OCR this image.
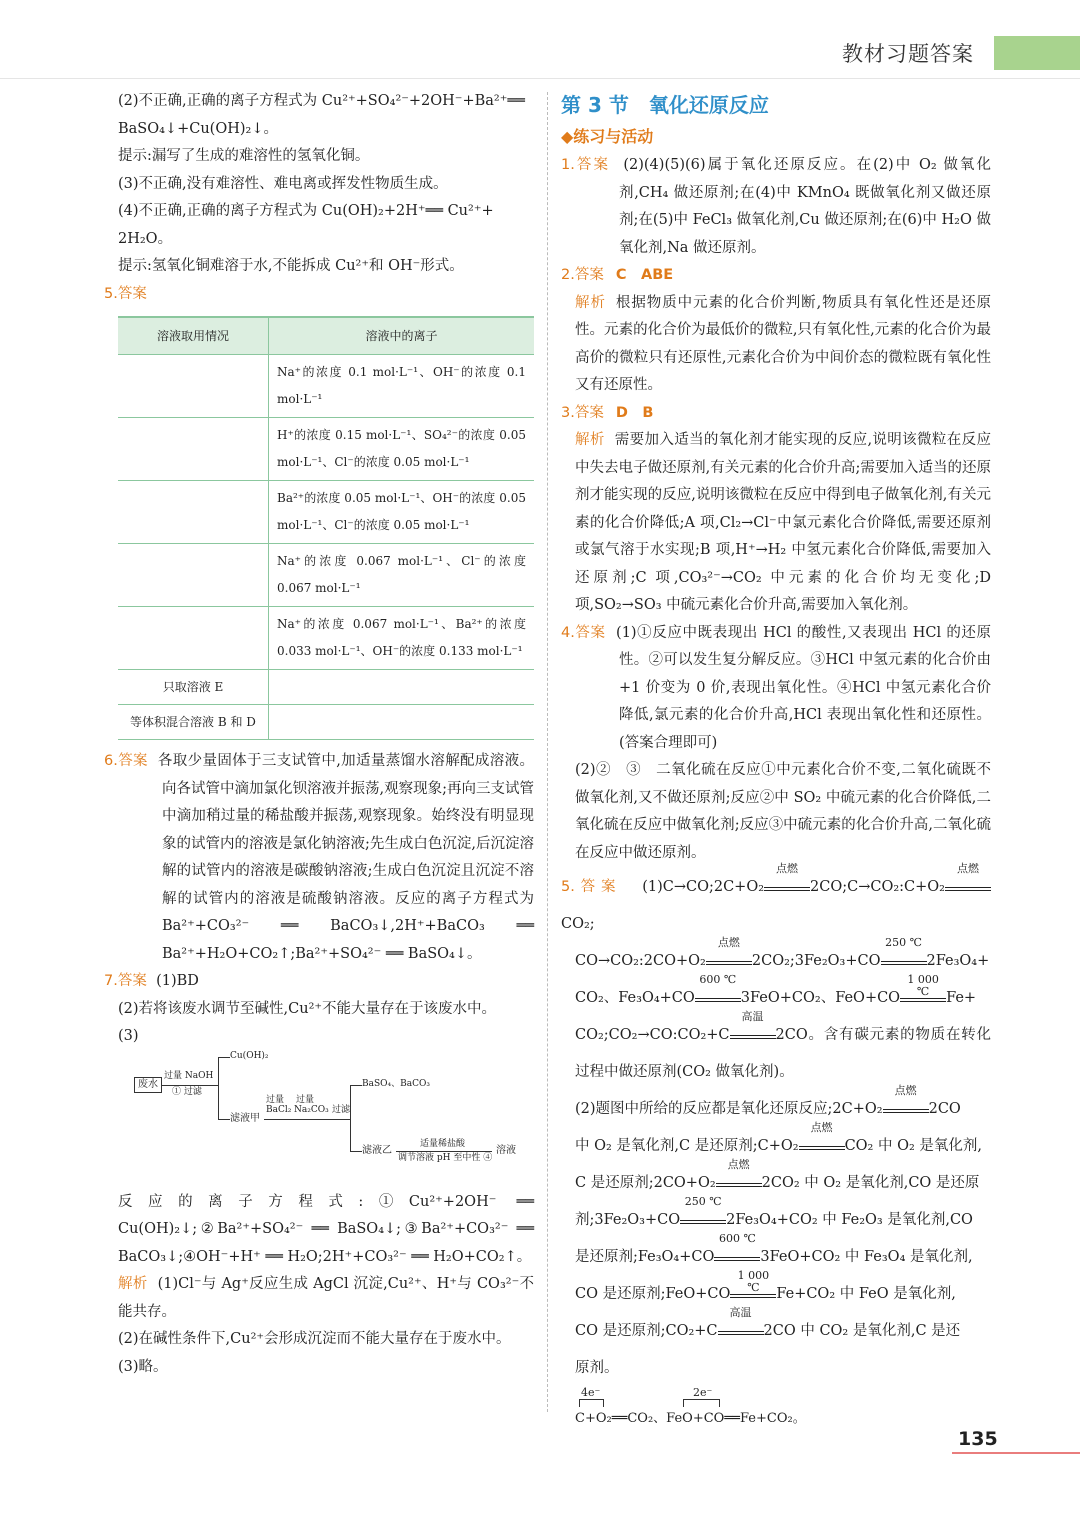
教材习题答案

(2)不正确,正确的离子方程式为 Cu²⁺+SO₄²⁻+2OH⁻+Ba²⁺══

BaSO₄↓+Cu(OH)₂↓。

提示:漏写了生成的难溶性的氢氧化铜。

(3)不正确,没有难溶性、难电离或挥发性物质生成。

(4)不正确,正确的离子方程式为 Cu(OH)₂+2H⁺══ Cu²⁺+

2H₂O。

提示:氢氧化铜难溶于水,不能拆成 Cu²⁺和 OH⁻形式。

5.答案

溶液取用情况	溶液中的离子
	Na⁺的浓度 0.1 mol·L⁻¹、OH⁻的浓度 0.1 mol·L⁻¹
	H⁺的浓度 0.15 mol·L⁻¹、SO₄²⁻的浓度 0.05 mol·L⁻¹、Cl⁻的浓度 0.05 mol·L⁻¹
	Ba²⁺的浓度 0.05 mol·L⁻¹、OH⁻的浓度 0.05 mol·L⁻¹、Cl⁻的浓度 0.05 mol·L⁻¹
	Na⁺的浓度 0.067 mol·L⁻¹、Cl⁻的浓度 0.067 mol·L⁻¹
	Na⁺的浓度 0.067 mol·L⁻¹、Ba²⁺的浓度 0.033 mol·L⁻¹、OH⁻的浓度 0.133 mol·L⁻¹
只取溶液 E	
等体积混合溶液 B 和 D	

6.答案 各取少量固体于三支试管中,加适量蒸馏水溶解配成溶液。向各试管中滴加氯化钡溶液并振荡,观察现象;再向三支试管中滴加稍过量的稀盐酸并振荡,观察现象。始终没有明显现象的试管内的溶液是氯化钠溶液;先生成白色沉淀,后沉淀溶解的试管内的溶液是碳酸钠溶液;生成白色沉淀且沉淀不溶解的试管内的溶液是硫酸钠溶液。反应的离子方程式为 Ba²⁺+CO₃²⁻ ══ BaCO₃↓,2H⁺+BaCO₃ ══ Ba²⁺+H₂O+CO₂↑;Ba²⁺+SO₄²⁻ ══ BaSO₄↓。

7.答案 (1)BD

(2)若将该废水调节至碱性,Cu²⁺不能大量存在于该废水中。

(3)

废水
过量 NaOH
① 过滤
Cu(OH)₂
滤液甲
过量
BaCl₂
过量
Na₂CO₃ 过滤
BaSO₄、BaCO₃
滤液乙
适量稀盐酸
调节溶液 pH 至中性 ④
溶液

反应的离子方程式:①Cu²⁺+2OH⁻ ══ Cu(OH)₂↓;②Ba²⁺+SO₄²⁻ ══ BaSO₄↓;③Ba²⁺+CO₃²⁻ ══ BaCO₃↓;④OH⁻+H⁺ ══ H₂O;2H⁺+CO₃²⁻ ══ H₂O+CO₂↑。

解析 (1)Cl⁻与 Ag⁺反应生成 AgCl 沉淀,Cu²⁺、H⁺与 CO₃²⁻不能共存。

(2)在碱性条件下,Cu²⁺会形成沉淀而不能大量存在于废水中。

(3)略。

第 3 节　氧化还原反应

◆练习与活动

1.答案 (2)(4)(5)(6)属于氧化还原反应。在(2)中 O₂ 做氧化剂,CH₄ 做还原剂;在(4)中 KMnO₄ 既做氧化剂又做还原剂;在(5)中 FeCl₃ 做氧化剂,Cu 做还原剂;在(6)中 H₂O 做氧化剂,Na 做还原剂。

2.答案 C　ABE

解析 根据物质中元素的化合价判断,物质具有氧化性还是还原性。元素的化合价为最低价的微粒,只有氧化性,元素的化合价为最高价的微粒只有还原性,元素化合价为中间价态的微粒既有氧化性又有还原性。

3.答案 D　B

解析 需要加入适当的氧化剂才能实现的反应,说明该微粒在反应中失去电子做还原剂,有关元素的化合价升高;需要加入适当的还原剂才能实现的反应,说明该微粒在反应中得到电子做氧化剂,有关元素的化合价降低;A 项,Cl₂→Cl⁻中氯元素化合价降低,需要还原剂或氯气溶于水实现;B 项,H⁺→H₂ 中氢元素化合价降低,需要加入还原剂;C 项,CO₃²⁻→CO₂ 中元素的化合价均无变化;D 项,SO₂→SO₃ 中硫元素化合价升高,需要加入氧化剂。

4.答案 (1)①反应中既表现出 HCl 的酸性,又表现出 HCl 的还原性。②可以发生复分解反应。③HCl 中氢元素的化合价由+1 价变为 0 价,表现出氧化性。④HCl 中氢元素化合价降低,氯元素的化合价升高,HCl 表现出氧化性和还原性。(答案合理即可)

(2)②　③　二氧化硫在反应①中元素化合价不变,二氧化硫既不做氧化剂,又不做还原剂;反应②中 SO₂ 中硫元素的化合价降低,二氧化硫在反应中做氧化剂;反应③中硫元素的化合价升高,二氧化硫在反应中做还原剂。

5.答案 (1)C→CO;2C+O₂
点燃
2CO;C→CO₂:C+O₂
点燃
CO₂;

CO→CO₂:2CO+O₂
点燃
2CO₂;3Fe₂O₃+CO
250 ℃
2Fe₃O₄+

CO₂、Fe₃O₄+CO
600 ℃
3FeO+CO₂、FeO+CO
1 000 ℃	Fe+

CO₂;CO₂→CO:CO₂+C
高温
2CO。含有碳元素的物质在转化过程中做还原剂(CO₂ 做氧化剂)。

(2)题图中所给的反应都是氧化还原反应;2C+O₂
点燃
2CO

中 O₂ 是氧化剂,C 是还原剂;C+O₂
点燃
CO₂ 中 O₂ 是氧化剂,

C 是还原剂;2CO+O₂
点燃
2CO₂ 中 O₂ 是氧化剂,CO 是还原

剂;3Fe₂O₃+CO
250 ℃
2Fe₃O₄+CO₂ 中 Fe₂O₃ 是氧化剂,CO

是还原剂;Fe₃O₄+CO
600 ℃
3FeO+CO₂ 中 Fe₃O₄ 是氧化剂,

CO 是还原剂;FeO+CO
1 000 ℃	Fe+CO₂ 中 FeO 是氧化剂,

CO 是还原剂;CO₂+C
高温
2CO 中 CO₂ 是氧化剂,C 是还

原剂。

4e⁻	2e⁻
C+O₂══CO₂、FeO+CO══Fe+CO₂。
135
